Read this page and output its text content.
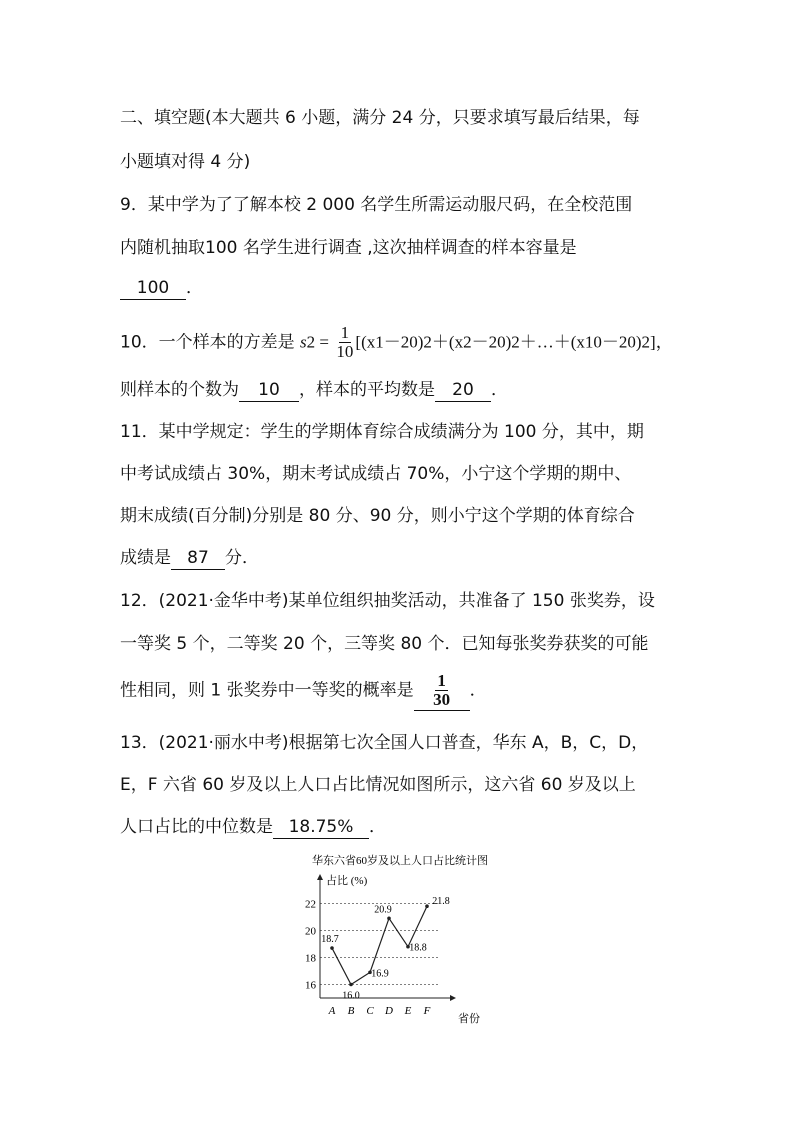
二、填空题(本大题共 6 小题，满分 24 分，只要求填写最后结果，每
小题填对得 4 分)
9．某中学为了了解本校 2 000 名学生所需运动服尺码，在全校范围
内随机抽取100 名学生进行调查 ,这次抽样调查的样本容量是
100 ．
10．一个样本的方差是 $s2 = \frac{1}{10}$ [(x1－20)2＋(x2－20)2＋…＋(x10－20)2]，
则样本的个数为 10 ，样本的平均数是 20 ．
11．某中学规定：学生的学期体育综合成绩满分为 100 分，其中，期
中考试成绩占 30%，期末考试成绩占 70%，小宁这个学期的期中、
期末成绩(百分制)分别是 80 分、90 分，则小宁这个学期的体育综合
成绩是 87 分．
12．(2021·金华中考)某单位组织抽奖活动，共准备了 150 张奖券，设
一等奖 5 个，二等奖 20 个，三等奖 80 个．已知每张奖券获奖的可能
性相同，则 1 张奖券中一等奖的概率是 $\frac{1}{30}$ ．
13．(2021·丽水中考)根据第七次全国人口普查，华东 A，B，C，D，
E，F 六省 60 岁及以上人口占比情况如图所示，这六省 60 岁及以上
人口占比的中位数是 18.75% ．
华东六省60岁及以上人口占比统计图
占比 (%)
省份
16
18
20
22
18.7
16.0
16.9
20.9
18.8
21.8
A B C D E F
